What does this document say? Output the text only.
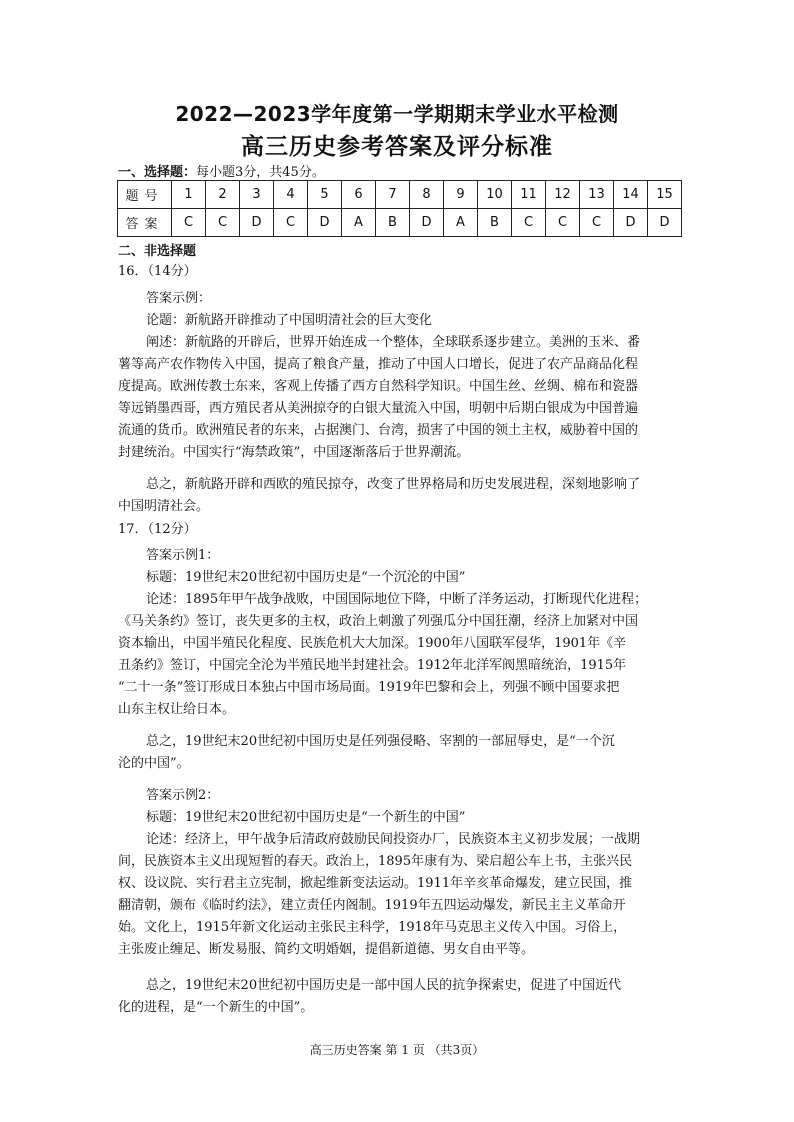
2022—2023学年度第一学期期末学业水平检测
高三历史参考答案及评分标准
一、选择题：每小题3分，共45分。
题号	1	2	3	4	5	6	7	8	9	10	11	12	13	14	15
答案	C	C	D	C	D	A	B	D	A	B	C	C	C	D	D
二、非选择题
16．（14分）
答案示例：
论题：新航路开辟推动了中国明清社会的巨大变化
阐述：新航路的开辟后，世界开始连成一个整体，全球联系逐步建立。美洲的玉米、番
薯等高产农作物传入中国，提高了粮食产量，推动了中国人口增长，促进了农产品商品化程
度提高。欧洲传教士东来，客观上传播了西方自然科学知识。中国生丝、丝绸、棉布和瓷器
等远销墨西哥，西方殖民者从美洲掠夺的白银大量流入中国，明朝中后期白银成为中国普遍
流通的货币。欧洲殖民者的东来，占据澳门、台湾，损害了中国的领土主权，威胁着中国的
封建统治。中国实行“海禁政策”，中国逐渐落后于世界潮流。
总之，新航路开辟和西欧的殖民掠夺，改变了世界格局和历史发展进程，深刻地影响了
中国明清社会。
17．（12分）
答案示例1：
标题：19世纪末20世纪初中国历史是“一个沉沦的中国”
论述：1895年甲午战争战败，中国国际地位下降，中断了洋务运动，打断现代化进程；
《马关条约》签订，丧失更多的主权，政治上刺激了列强瓜分中国狂潮，经济上加紧对中国
资本输出，中国半殖民化程度、民族危机大大加深。1900年八国联军侵华，1901年《辛
丑条约》签订，中国完全沦为半殖民地半封建社会。1912年北洋军阀黑暗统治，1915年
“二十一条”签订形成日本独占中国市场局面。1919年巴黎和会上，列强不顾中国要求把
山东主权让给日本。
总之，19世纪末20世纪初中国历史是任列强侵略、宰割的一部屈辱史，是“一个沉
沦的中国”。
答案示例2：
标题：19世纪末20世纪初中国历史是“一个新生的中国”
论述：经济上，甲午战争后清政府鼓励民间投资办厂，民族资本主义初步发展；一战期
间，民族资本主义出现短暂的春天。政治上，1895年康有为、梁启超公车上书，主张兴民
权、设议院、实行君主立宪制，掀起维新变法运动。1911年辛亥革命爆发，建立民国，推
翻清朝，颁布《临时约法》，建立责任内阁制。1919年五四运动爆发，新民主主义革命开
始。文化上，1915年新文化运动主张民主科学，1918年马克思主义传入中国。习俗上，
主张废止缠足、断发易服、简约文明婚姻，提倡新道德、男女自由平等。
总之，19世纪末20世纪初中国历史是一部中国人民的抗争探索史，促进了中国近代
化的进程，是“一个新生的中国”。
高三历史答案 第 1 页 （共3页）
